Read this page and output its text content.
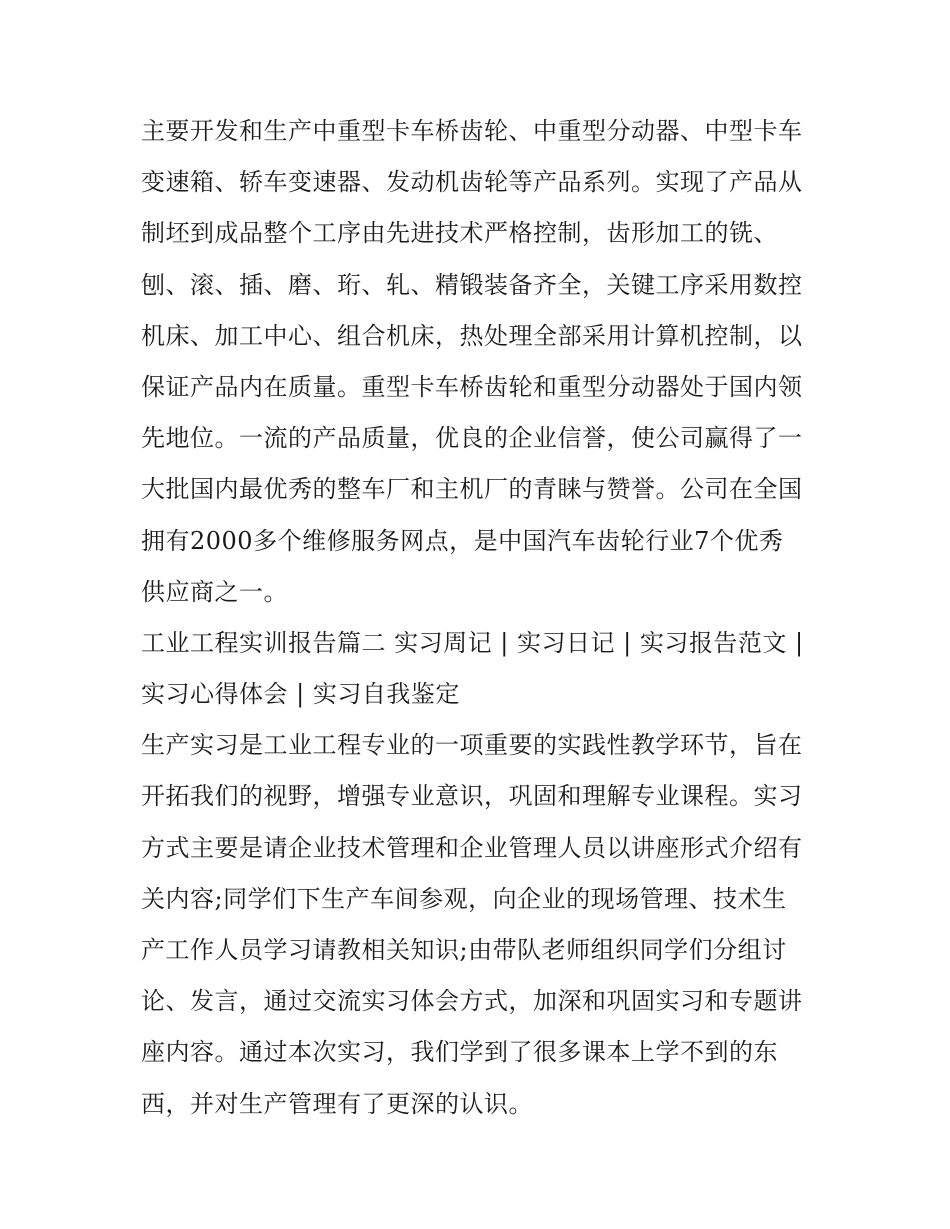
主要开发和生产中重型卡车桥齿轮、中重型分动器、中型卡车
变速箱、轿车变速器、发动机齿轮等产品系列。实现了产品从
制坯到成品整个工序由先进技术严格控制，齿形加工的铣、
刨、滚、插、磨、珩、轧、精锻装备齐全，关键工序采用数控
机床、加工中心、组合机床，热处理全部采用计算机控制，以
保证产品内在质量。重型卡车桥齿轮和重型分动器处于国内领
先地位。一流的产品质量，优良的企业信誉，使公司赢得了一
大批国内最优秀的整车厂和主机厂的青睐与赞誉。公司在全国
拥有2000多个维修服务网点，是中国汽车齿轮行业7个优秀
供应商之一。
工业工程实训报告篇二 实习周记 | 实习日记 | 实习报告范文 |
实习心得体会 | 实习自我鉴定
生产实习是工业工程专业的一项重要的实践性教学环节，旨在
开拓我们的视野，增强专业意识，巩固和理解专业课程。实习
方式主要是请企业技术管理和企业管理人员以讲座形式介绍有
关内容;同学们下生产车间参观，向企业的现场管理、技术生
产工作人员学习请教相关知识;由带队老师组织同学们分组讨
论、发言，通过交流实习体会方式，加深和巩固实习和专题讲
座内容。通过本次实习，我们学到了很多课本上学不到的东
西，并对生产管理有了更深的认识。
